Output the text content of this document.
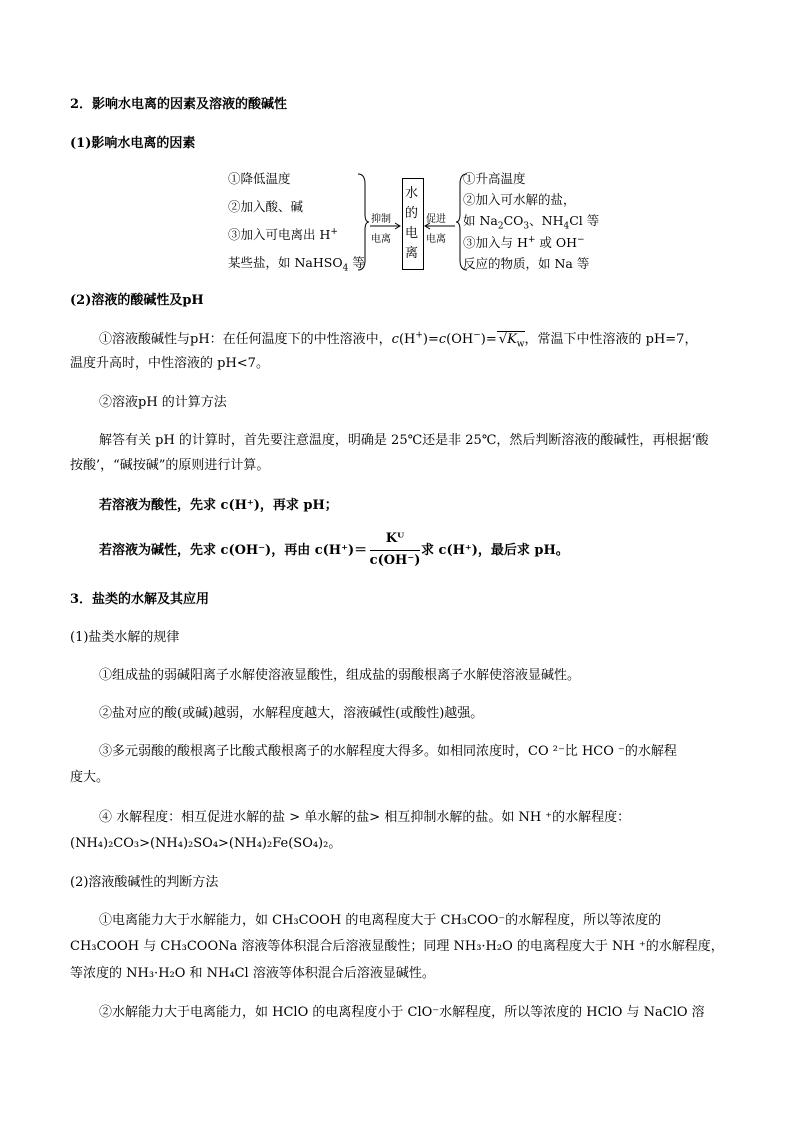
2．影响水电离的因素及溶液的酸碱性
(1)影响水电离的因素
①降低温度
②加入酸、碱
③加入可电离出 H+
某些盐，如 NaHSO$_4$ 等
抑制
电离
水
的
电
离
促进
电离
①升高温度
②加入可水解的盐，
如 $Na_2CO_3$、$NH_4Cl$ 等
③加入与 H+ 或 OH−
反应的物质，如 Na 等
(2)溶液的酸碱性及pH
①溶液酸碱性与pH：在任何温度下的中性溶液中，$c(H^+)=c(OH^-)= √K_w$，常温下中性溶液的 pH=7，
温度升高时，中性溶液的 pH<7。
②溶液pH 的计算方法
解答有关 pH 的计算时，首先要注意温度，明确是 25℃还是非 25℃，然后判断溶液的酸碱性，再根据‘酸
按酸’，“碱按碱”的原则进行计算。
若溶液为酸性，先求 c(H⁺)，再求 pH；
若溶液为碱性，先求 c(OH⁻)，再由 c(H⁺)＝
Kᵂ
c(OH⁻)
求 c(H⁺)，最后求 pH。
3．盐类的水解及其应用
(1)盐类水解的规律
①组成盐的弱碱阳离子水解使溶液显酸性，组成盐的弱酸根离子水解使溶液显碱性。
②盐对应的酸(或碱)越弱，水解程度越大，溶液碱性(或酸性)越强。
③多元弱酸的酸根离子比酸式酸根离子的水解程度大得多。如相同浓度时，CO ²⁻比 HCO ⁻的水解程
度大。
④ 水解程度：相互促进水解的盐 > 单水解的盐> 相互抑制水解的盐。如 NH ⁺的水解程度：
(NH₄)₂CO₃>(NH₄)₂SO₄>(NH₄)₂Fe(SO₄)₂。
(2)溶液酸碱性的判断方法
①电离能力大于水解能力，如 CH₃COOH 的电离程度大于 CH₃COO⁻的水解程度，所以等浓度的
CH₃COOH 与 CH₃COONa 溶液等体积混合后溶液显酸性；同理 NH₃·H₂O 的电离程度大于 NH ⁺的水解程度，
等浓度的 NH₃·H₂O 和 NH₄Cl 溶液等体积混合后溶液显碱性。
②水解能力大于电离能力，如 HClO 的电离程度小于 ClO⁻水解程度，所以等浓度的 HClO 与 NaClO 溶
